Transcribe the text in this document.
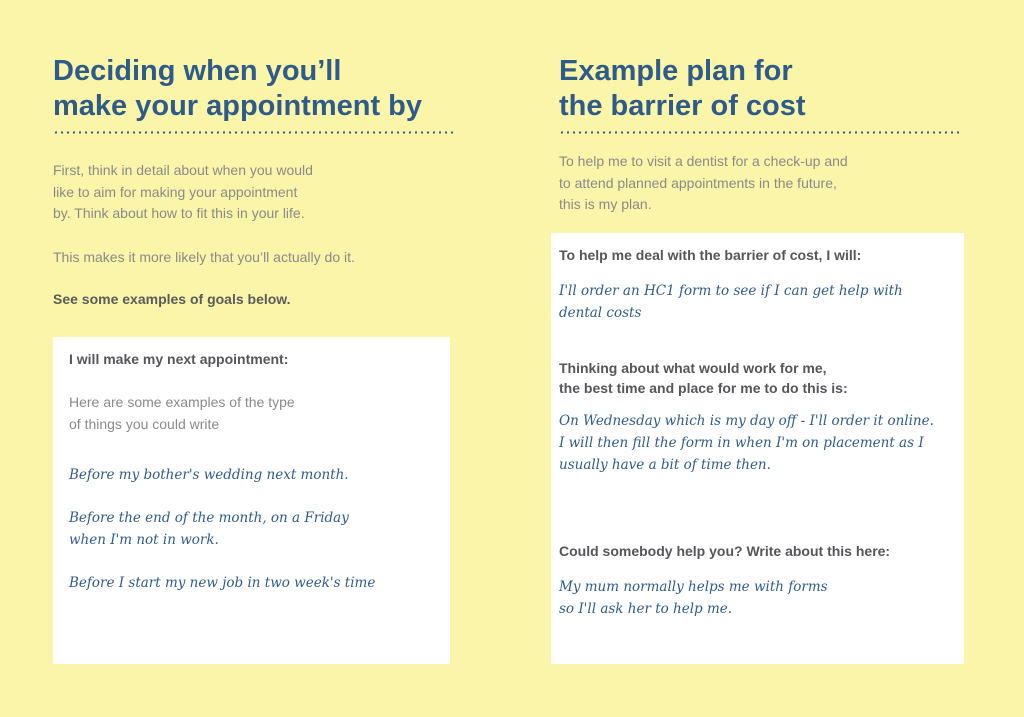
Deciding when you’ll
make your appointment by

First, think in detail about when you would
like to aim for making your appointment
by. Think about how to fit this in your life.

This makes it more likely that you’ll actually do it.

See some examples of goals below.

I will make my next appointment:

Here are some examples of the type
of things you could write

Before my bother's wedding next month.

Before the end of the month, on a Friday
when I'm not in work.

Before I start my new job in two week's time

Example plan for
the barrier of cost

To help me to visit a dentist for a check-up and
to attend planned appointments in the future,
this is my plan.

To help me deal with the barrier of cost, I will:

I'll order an HC1 form to see if I can get help with
dental costs

Thinking about what would work for me,
the best time and place for me to do this is:

On Wednesday which is my day off - I'll order it online.
I will then fill the form in when I'm on placement as I
usually have a bit of time then.

Could somebody help you? Write about this here:

My mum normally helps me with forms
so I'll ask her to help me.
